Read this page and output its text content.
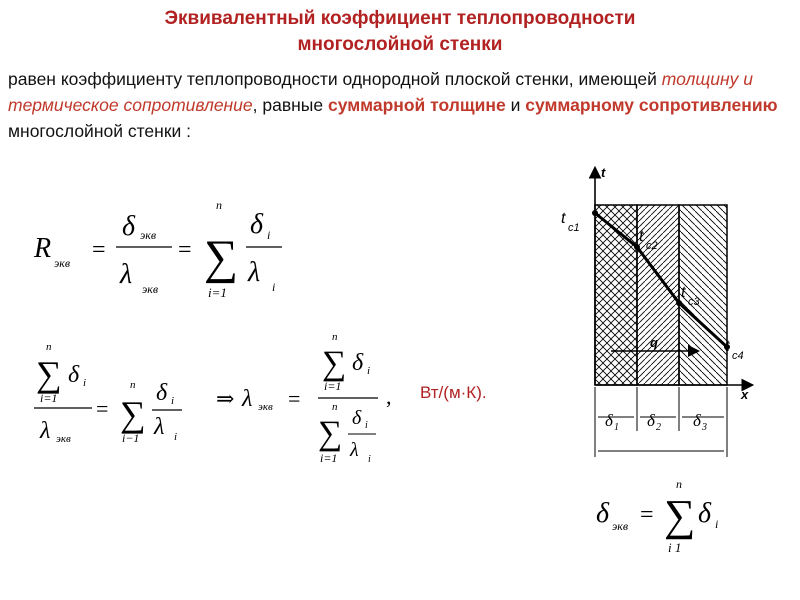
Эквивалентный коэффициент теплопроводности
многослойной стенки
равен коэффициенту теплопроводности однородной плоской стенки, имеющей толщину и термическое сопротивление, равные суммарной толщине и суммарному сопротивлению многослойной стенки :
R экв =
δ экв
λ экв
=
n
∑
i=1
δ i
λ i
n
∑
i=1
δ i
λ экв
=
n
∑
i−1
δ i
λ i
⇒ λ экв =
n
∑
i=1
δ i
,
n
∑
i=1
δ i
λ i
Вт/(м·К).
t
x
t
c1	t
c2
t
c3
t
c4
q
δ 1 δ 2 δ 3
δ экв =
n
∑
i 1
δ i
